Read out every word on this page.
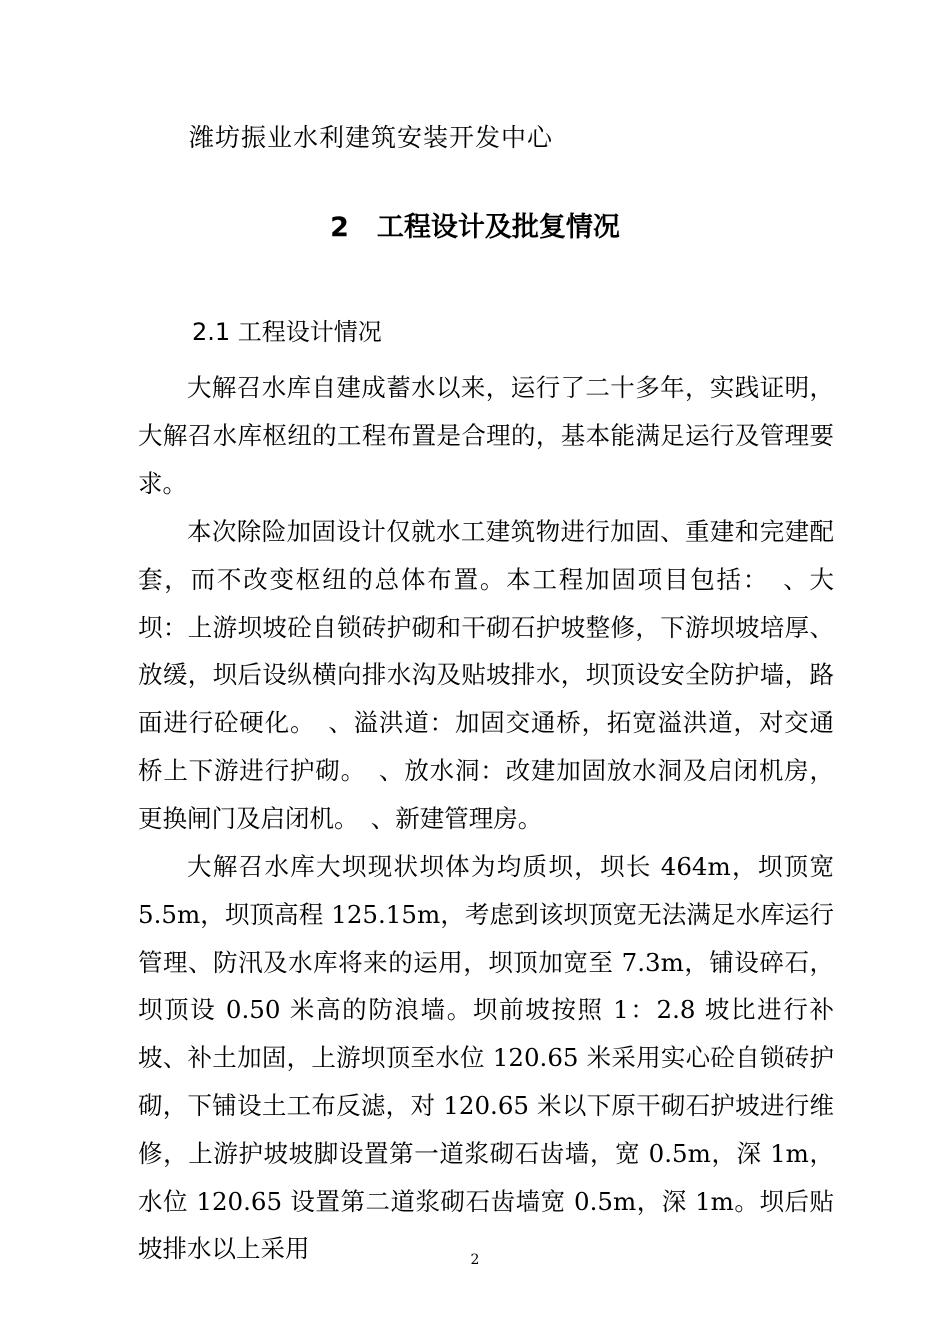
潍坊振业水利建筑安装开发中心
2 工程设计及批复情况
2.1 工程设计情况

大解召水库自建成蓄水以来，运行了二十多年，实践证明，大解召水库枢纽的工程布置是合理的，基本能满足运行及管理要求。

本次除险加固设计仅就水工建筑物进行加固、重建和完建配套，而不改变枢纽的总体布置。本工程加固项目包括：　、大坝：上游坝坡砼自锁砖护砌和干砌石护坡整修，下游坝坡培厚、放缓，坝后设纵横向排水沟及贴坡排水，坝顶设安全防护墙，路面进行砼硬化。　、溢洪道：加固交通桥，拓宽溢洪道，对交通桥上下游进行护砌。　、放水洞：改建加固放水洞及启闭机房，更换闸门及启闭机。　、新建管理房。

大解召水库大坝现状坝体为均质坝，坝长 464m，坝顶宽 5.5m，坝顶高程 125.15m，考虑到该坝顶宽无法满足水库运行管理、防汛及水库将来的运用，坝顶加宽至 7.3m，铺设碎石，坝顶设 0.50 米高的防浪墙。坝前坡按照 1：2.8 坡比进行补坡、补土加固，上游坝顶至水位 120.65 米采用实心砼自锁砖护砌，下铺设土工布反滤，对 120.65 米以下原干砌石护坡进行维修，上游护坡坡脚设置第一道浆砌石齿墙，宽 0.5m，深 1m，水位 120.65 设置第二道浆砌石齿墙宽 0.5m，深 1m。坝后贴坡排水以上采用	2
